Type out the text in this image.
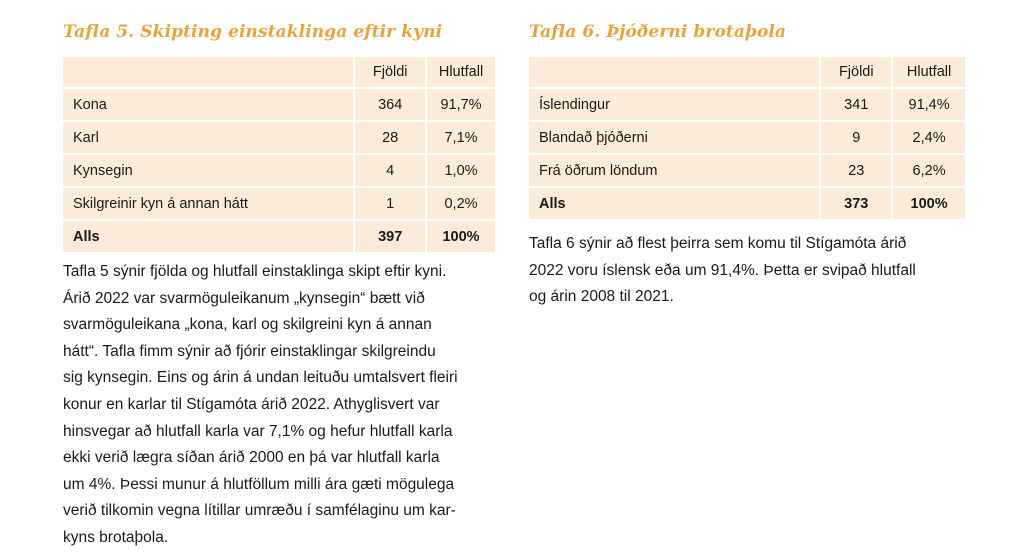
Tafla 5. Skipting einstaklinga eftir kyni
	Fjöldi	Hlutfall
Kona	364	91,7%
Karl	28	7,1%
Kynsegin	4	1,0%
Skilgreinir kyn á annan hátt	1	0,2%
Alls	397	100%
Tafla 5 sýnir fjölda og hlutfall einstaklinga skipt eftir kyni.
Árið 2022 var svarmöguleikanum „kynsegin“ bætt við
svarmöguleikana „kona, karl og skilgreini kyn á annan
hátt“. Tafla fimm sýnir að fjórir einstaklingar skilgreindu
sig kynsegin. Eins og árin á undan leituðu umtalsvert fleiri
konur en karlar til Stígamóta árið 2022. Athyglisvert var
hinsvegar að hlutfall karla var 7,1% og hefur hlutfall karla
ekki verið lægra síðan árið 2000 en þá var hlutfall karla
um 4%. Þessi munur á hlutföllum milli ára gæti mögulega
verið tilkomin vegna lítillar umræðu í samfélaginu um kar-
kyns brotaþola.
Tafla 6. Þjóðerni brotaþola
	Fjöldi	Hlutfall
Íslendingur	341	91,4%
Blandað þjóðerni	9	2,4%
Frá öðrum löndum	23	6,2%
Alls	373	100%
Tafla 6 sýnir að flest þeirra sem komu til Stígamóta árið
2022 voru íslensk eða um 91,4%. Þetta er svipað hlutfall
og árin 2008 til 2021.
